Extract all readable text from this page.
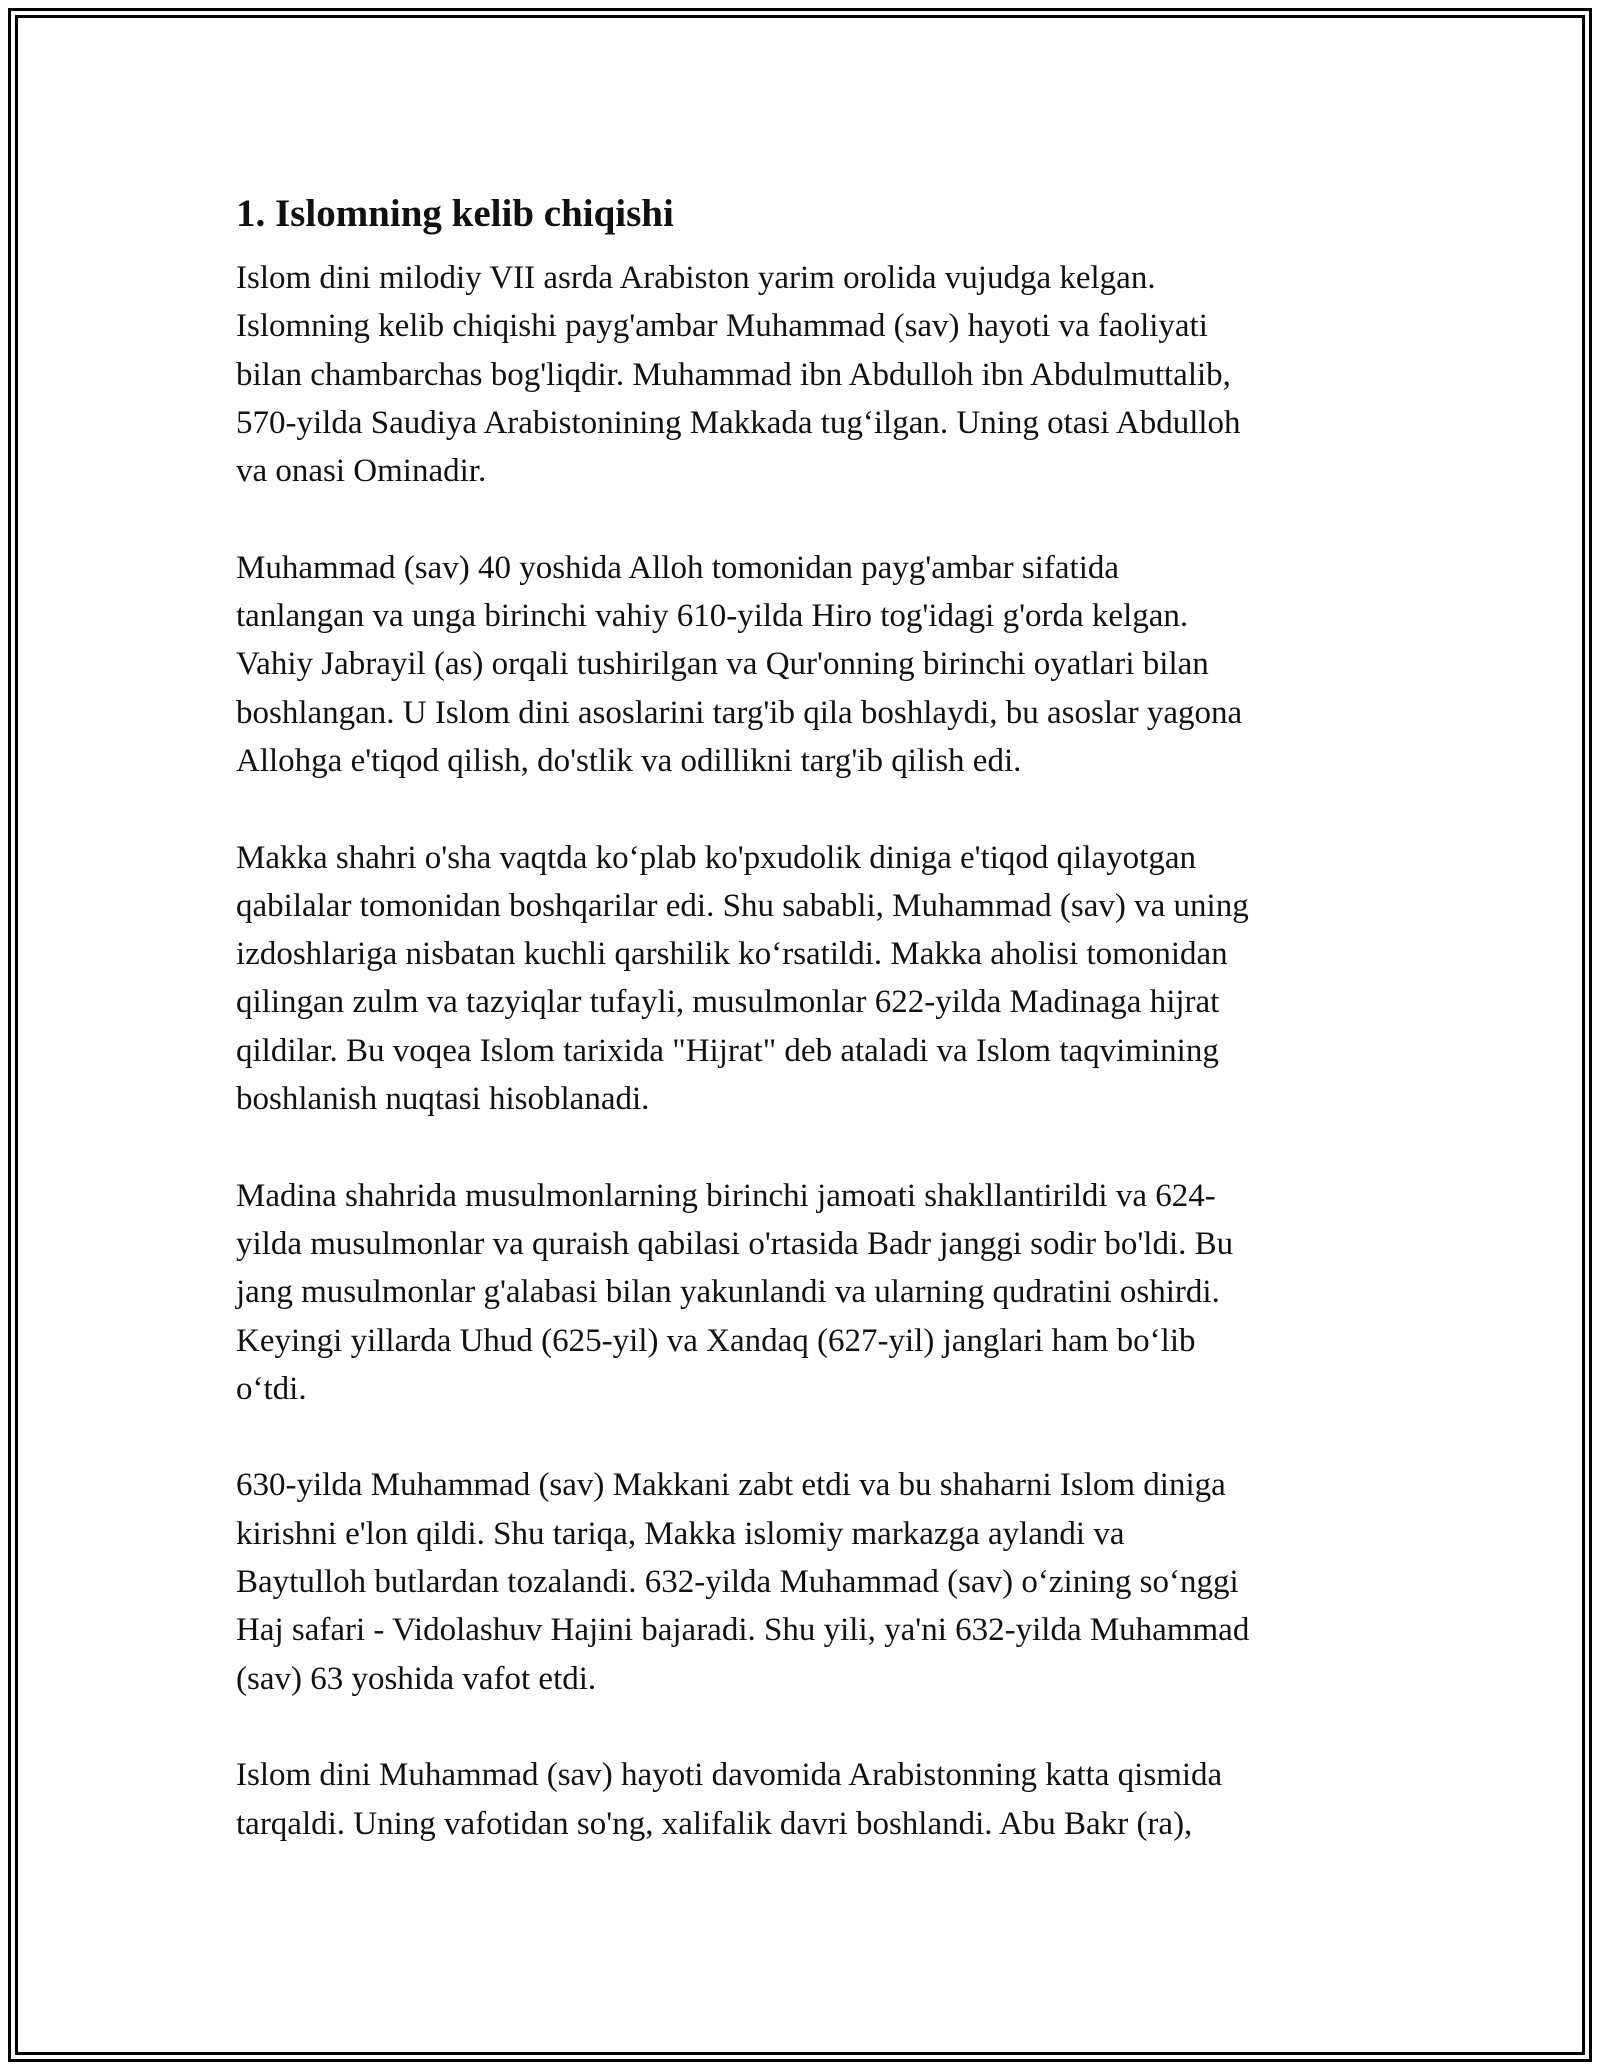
1. Islomning kelib chiqishi

Islom dini milodiy VII asrda Arabiston yarim orolida vujudga kelgan.
Islomning kelib chiqishi payg'ambar Muhammad (sav) hayoti va faoliyati
bilan chambarchas bog'liqdir. Muhammad ibn Abdulloh ibn Abdulmuttalib,
570-yilda Saudiya Arabistonining Makkada tug‘ilgan. Uning otasi Abdulloh
va onasi Ominadir.

Muhammad (sav) 40 yoshida Alloh tomonidan payg'ambar sifatida
tanlangan va unga birinchi vahiy 610-yilda Hiro tog'idagi g'orda kelgan.
Vahiy Jabrayil (as) orqali tushirilgan va Qur'onning birinchi oyatlari bilan
boshlangan. U Islom dini asoslarini targ'ib qila boshlaydi, bu asoslar yagona
Allohga e'tiqod qilish, do'stlik va odillikni targ'ib qilish edi.

Makka shahri o'sha vaqtda ko‘plab ko'pxudolik diniga e'tiqod qilayotgan
qabilalar tomonidan boshqarilar edi. Shu sababli, Muhammad (sav) va uning
izdoshlariga nisbatan kuchli qarshilik ko‘rsatildi. Makka aholisi tomonidan
qilingan zulm va tazyiqlar tufayli, musulmonlar 622-yilda Madinaga hijrat
qildilar. Bu voqea Islom tarixida "Hijrat" deb ataladi va Islom taqvimining
boshlanish nuqtasi hisoblanadi.

Madina shahrida musulmonlarning birinchi jamoati shakllantirildi va 624-
yilda musulmonlar va quraish qabilasi o'rtasida Badr janggi sodir bo'ldi. Bu
jang musulmonlar g'alabasi bilan yakunlandi va ularning qudratini oshirdi.
Keyingi yillarda Uhud (625-yil) va Xandaq (627-yil) janglari ham bo‘lib
o‘tdi.

630-yilda Muhammad (sav) Makkani zabt etdi va bu shaharni Islom diniga
kirishni e'lon qildi. Shu tariqa, Makka islomiy markazga aylandi va
Baytulloh butlardan tozalandi. 632-yilda Muhammad (sav) o‘zining so‘nggi
Haj safari - Vidolashuv Hajini bajaradi. Shu yili, ya'ni 632-yilda Muhammad
(sav) 63 yoshida vafot etdi.

Islom dini Muhammad (sav) hayoti davomida Arabistonning katta qismida
tarqaldi. Uning vafotidan so'ng, xalifalik davri boshlandi. Abu Bakr (ra),
